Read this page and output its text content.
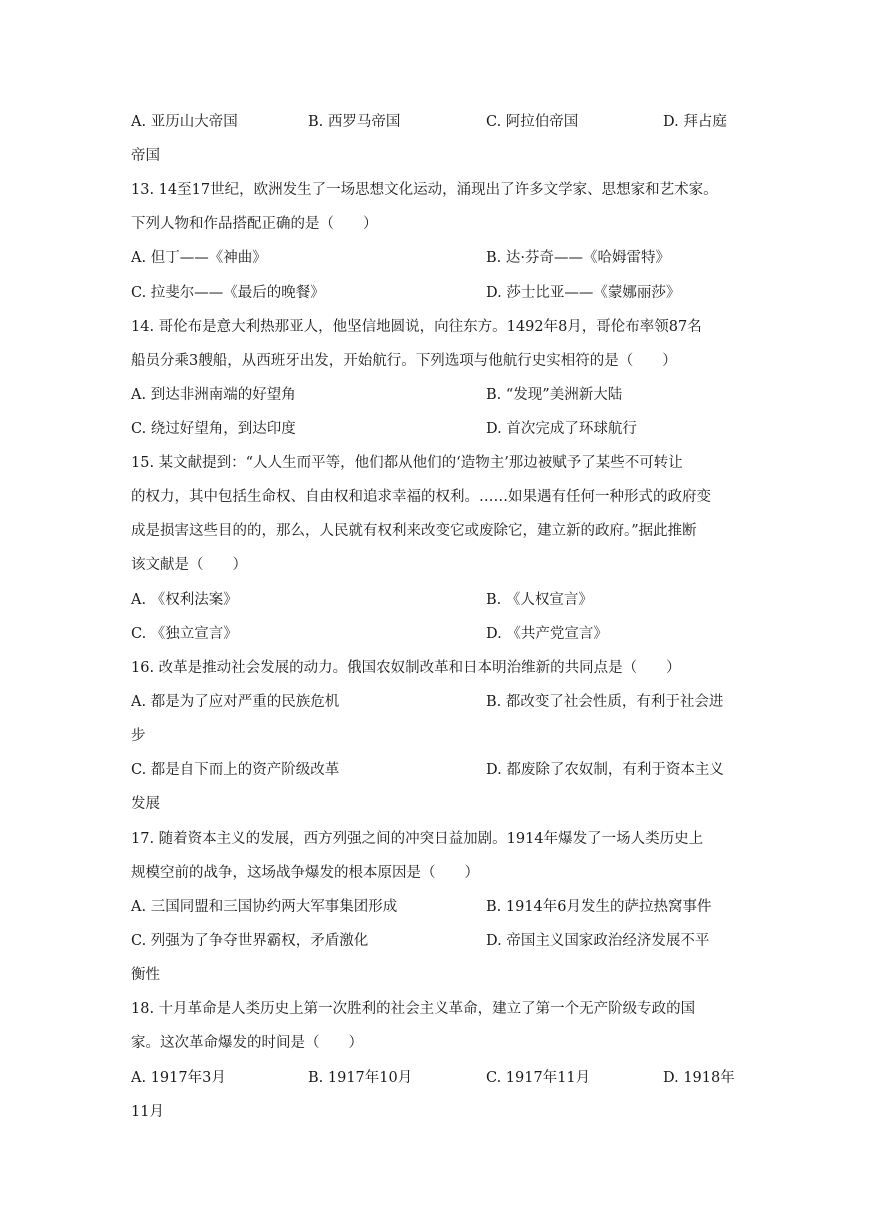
A. 亚历山大帝国	B. 西罗马帝国	C. 阿拉伯帝国	D. 拜占庭
帝国
13. 14至17世纪，欧洲发生了一场思想文化运动，涌现出了许多文学家、思想家和艺术家。
下列人物和作品搭配正确的是（　　）
A. 但丁——《神曲》	B. 达·芬奇——《哈姆雷特》
C. 拉斐尔——《最后的晚餐》	D. 莎士比亚——《蒙娜丽莎》
14. 哥伦布是意大利热那亚人，他坚信地圆说，向往东方。1492年8月，哥伦布率领87名
船员分乘3艘船，从西班牙出发，开始航行。下列选项与他航行史实相符的是（　　）
A. 到达非洲南端的好望角	B. “发现”美洲新大陆
C. 绕过好望角，到达印度	D. 首次完成了环球航行
15. 某文献提到：“人人生而平等，他们都从他们的‘造物主’那边被赋予了某些不可转让
的权力，其中包括生命权、自由权和追求幸福的权利。……如果遇有任何一种形式的政府变
成是损害这些目的的，那么，人民就有权利来改变它或废除它，建立新的政府。”据此推断
该文献是（　　）
A. 《权利法案》	B. 《人权宣言》
C. 《独立宣言》	D. 《共产党宣言》
16. 改革是推动社会发展的动力。俄国农奴制改革和日本明治维新的共同点是（　　）
A. 都是为了应对严重的民族危机	B. 都改变了社会性质，有利于社会进
步
C. 都是自下而上的资产阶级改革	D. 都废除了农奴制，有利于资本主义
发展
17. 随着资本主义的发展，西方列强之间的冲突日益加剧。1914年爆发了一场人类历史上
规模空前的战争，这场战争爆发的根本原因是（　　）
A. 三国同盟和三国协约两大军事集团形成	B. 1914年6月发生的萨拉热窝事件
C. 列强为了争夺世界霸权，矛盾激化	D. 帝国主义国家政治经济发展不平
衡性
18. 十月革命是人类历史上第一次胜利的社会主义革命，建立了第一个无产阶级专政的国
家。这次革命爆发的时间是（　　）
A. 1917年3月	B. 1917年10月	C. 1917年11月	D. 1918年
11月
